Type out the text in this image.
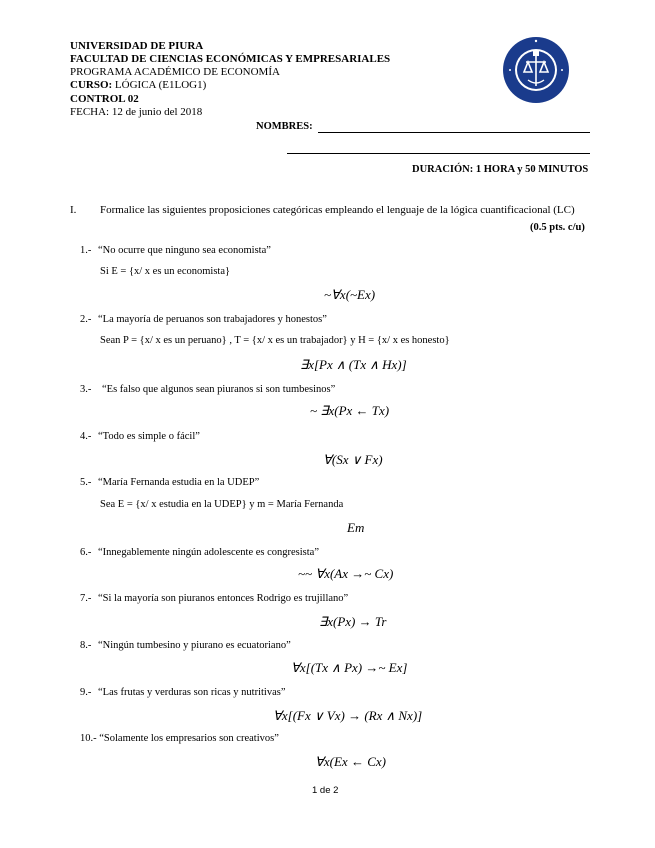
UNIVERSIDAD DE PIURA
FACULTAD DE CIENCIAS ECONÓMICAS Y EMPRESARIALES
PROGRAMA ACADÉMICO DE ECONOMÍA
CURSO: LÓGICA (E1LOG1)
CONTROL 02
FECHA: 12 de junio del 2018
NOMBRES:
DURACIÓN: 1 HORA y 50 MINUTOS
I. Formalice las siguientes proposiciones categóricas empleando el lenguaje de la lógica cuantificacional (LC)
(0.5 pts. c/u)
1.- “No ocurre que ninguno sea economista”
Si E = {x/ x es un economista}
~∀x(~Ex)
2.- “La mayoría de peruanos son trabajadores y honestos”
Sean P = {x/ x es un peruano} , T = {x/ x es un trabajador} y H = {x/ x es honesto}
∃x[Px ∧ (Tx ∧ Hx)]
3.- “Es falso que algunos sean piuranos si son tumbesinos”
~ ∃x(Px ← Tx)
4.- “Todo es simple o fácil”
∀(Sx ∨ Fx)
5.- “María Fernanda estudia en la UDEP”
Sea E = {x/ x estudia en la UDEP} y m = María Fernanda
Em
6.- “Innegablemente ningún adolescente es congresista”
~~ ∀x(Ax →~ Cx)
7.- “Si la mayoría son piuranos entonces Rodrigo es trujillano”
∃x(Px) → Tr
8.- “Ningún tumbesino y piurano es ecuatoriano”
∀x[(Tx ∧ Px) →~ Ex]
9.- “Las frutas y verduras son ricas y nutritivas”
∀x[(Fx ∨ Vx) → (Rx ∧ Nx)]
10.- “Solamente los empresarios son creativos”
∀x(Ex ← Cx)
1 de 2
